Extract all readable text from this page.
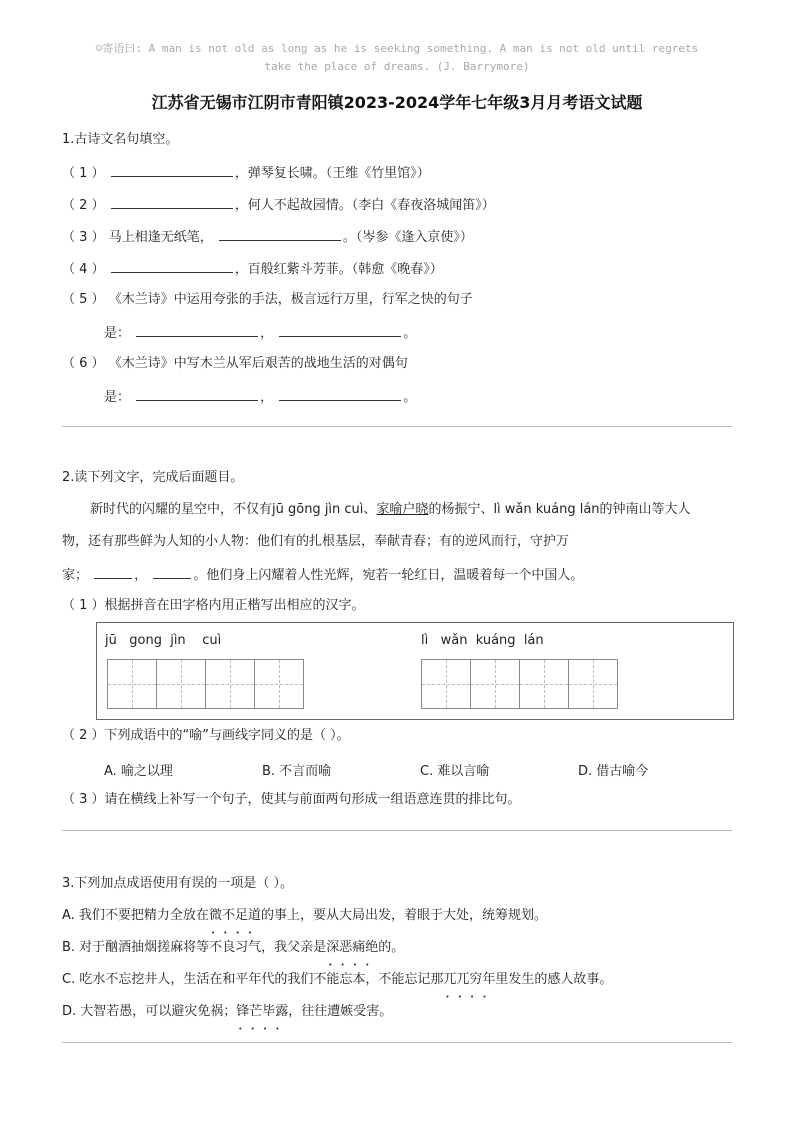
☺寄语曰: A man is not old as long as he is seeking something. A man is not old until regrets
take the place of dreams. (J. Barrymore)
江苏省无锡市江阴市青阳镇2023-2024学年七年级3月月考语文试题
1.古诗文名句填空。
（ 1 ）	，弹琴复长啸。（王维《竹里馆》）
（ 2 ）	，何人不起故园情。（李白《春夜洛城闻笛》）
（ 3 ） 马上相逢无纸笔，	。（岑参《逢入京使》）
（ 4 ）	，百般红紫斗芳菲。（韩愈《晚春》）
（ 5 ） 《木兰诗》中运用夸张的手法，极言远行万里，行军之快的句子
是：	，	。
（ 6 ） 《木兰诗》中写木兰从军后艰苦的战地生活的对偶句
是：	，	。
2.读下列文字，完成后面题目。
新时代的闪耀的星空中，不仅有jū gōng jìn cuì、家喻户晓的杨振宁、lì wǎn kuáng lán的钟南山等大人
物，还有那些鲜为人知的小人物：他们有的扎根基层，奉献青春；有的逆风而行，守护万
家；	，	。他们身上闪耀着人性光辉，宛若一轮红日，温暖着每一个中国人。
（ 1 ）根据拼音在田字格内用正楷写出相应的汉字。
jū   gong  jìn    cuì	lì   wǎn  kuáng  lán
（ 2 ）下列成语中的“喻”与画线字同义的是（ ）。
A. 喻之以理	B. 不言而喻	C. 难以言喻	D. 借古喻今
（ 3 ）请在横线上补写一个句子，使其与前面两句形成一组语意连贯的排比句。
3.下列加点成语使用有误的一项是（ ）。
A. 我们不要把精力全放在微不足道 • • • •的事上，要从大局出发，着眼于大处，统筹规划。
B. 对于酗酒抽烟搓麻将等不良习气，我父亲是深恶痛绝 • • • •的。
C. 吃水不忘挖井人，生活在和平年代的我们不能忘本，不能忘记那兀兀穷年 • • • •里发生的感人故事。
D. 大智若愚，可以避灾免祸；锋芒毕露 • • • •，往往遭嫉受害。
